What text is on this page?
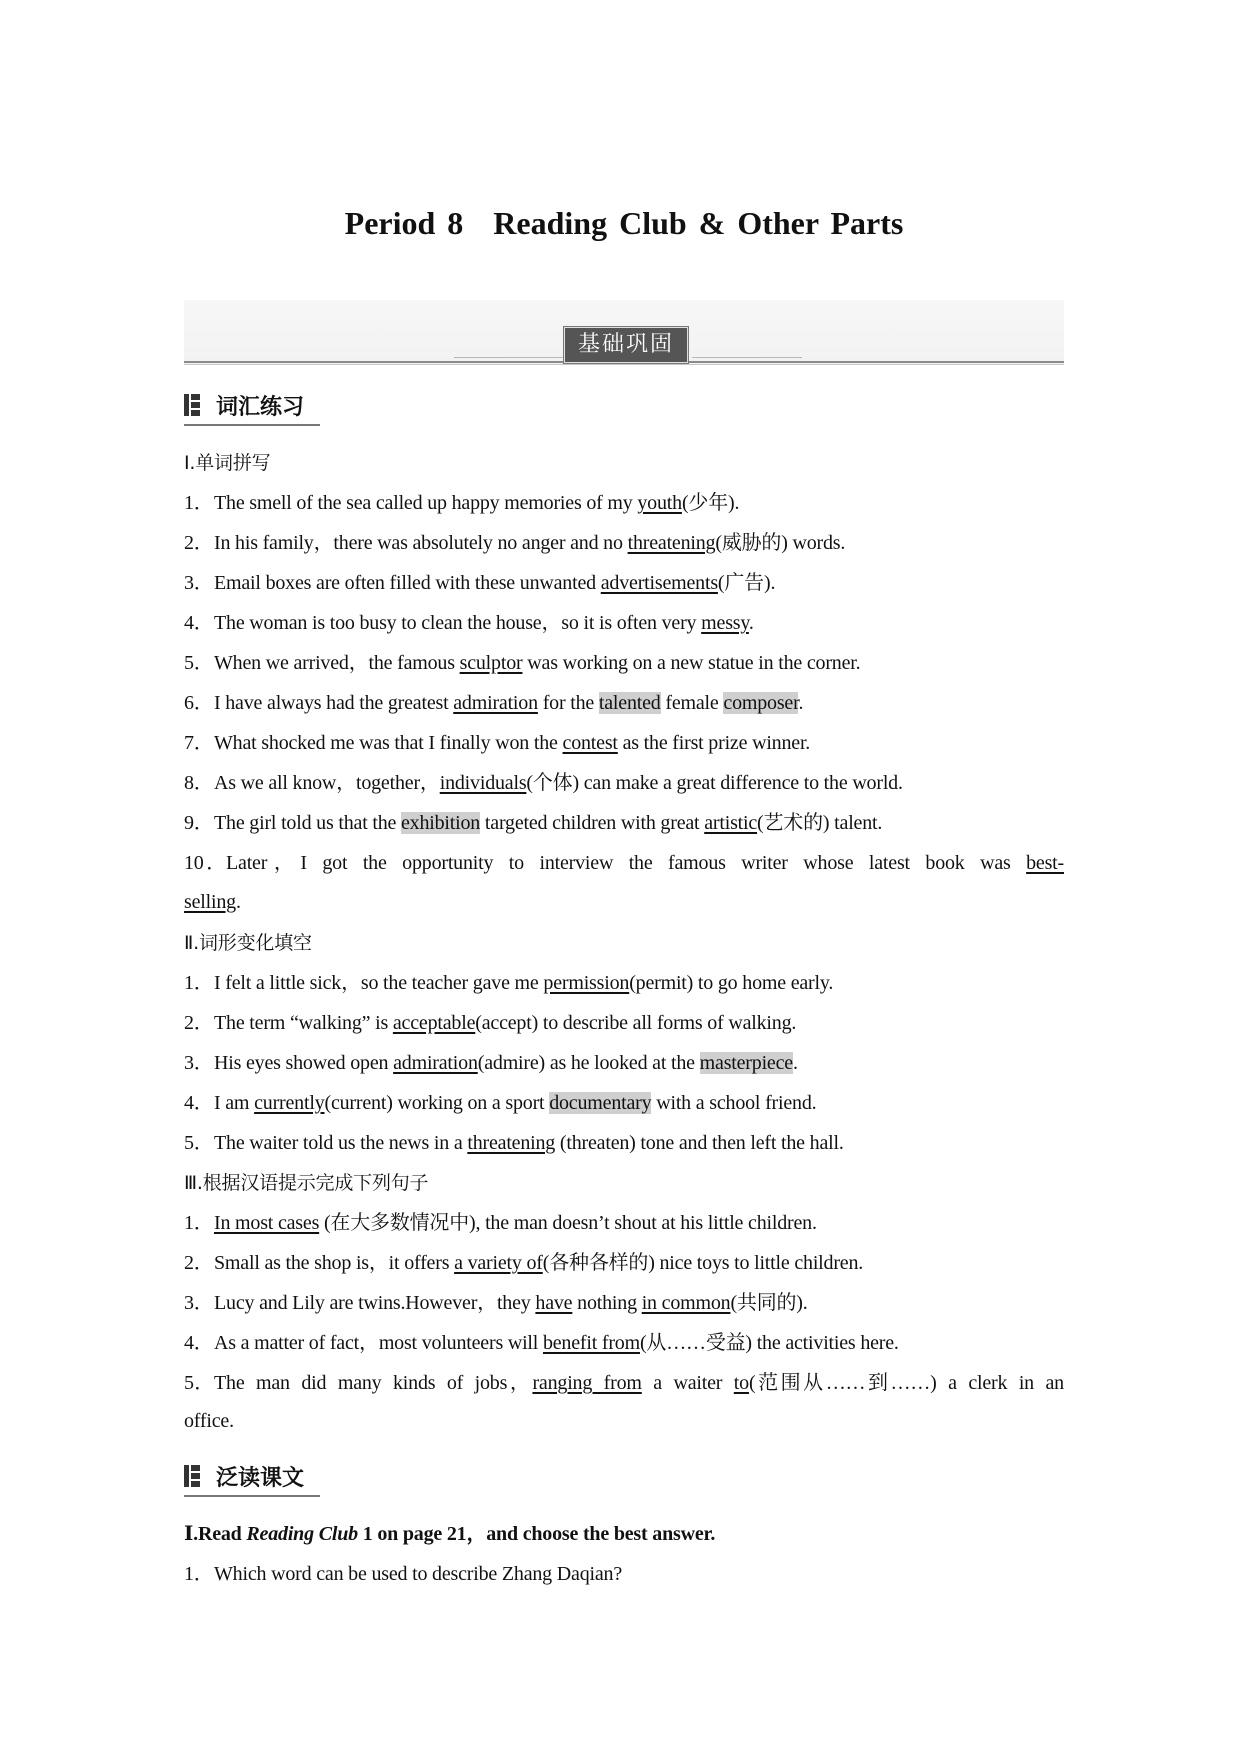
Period 8 Reading Club & Other Parts
基础巩固
词汇练习
Ⅰ.单词拼写
1．The smell of the sea called up happy memories of my youth(少年).
2．In his family，there was absolutely no anger and no threatening(威胁的) words.
3．Email boxes are often filled with these unwanted advertisements(广告).
4．The woman is too busy to clean the house，so it is often very messy.
5．When we arrived，the famous sculptor was working on a new statue in the corner.
6．I have always had the greatest admiration for the talented female composer.
7．What shocked me was that I finally won the contest as the first prize winner.
8．As we all know，together，individuals(个体) can make a great difference to the world.
9．The girl told us that the exhibition targeted children with great artistic(艺术的) talent.
10．Later，I got the opportunity to interview the famous writer whose latest book was best-
selling.
Ⅱ.词形变化填空
1．I felt a little sick，so the teacher gave me permission(permit) to go home early.
2．The term “walking” is acceptable(accept) to describe all forms of walking.
3．His eyes showed open admiration(admire) as he looked at the masterpiece.
4．I am currently(current) working on a sport documentary with a school friend.
5．The waiter told us the news in a threatening (threaten) tone and then left the hall.
Ⅲ.根据汉语提示完成下列句子
1．In most cases (在大多数情况中), the man doesn’t shout at his little children.
2．Small as the shop is，it offers a variety of(各种各样的) nice toys to little children.
3．Lucy and Lily are twins.However，they have nothing in common(共同的).
4．As a matter of fact，most volunteers will benefit from(从……受益) the activities here.
5．The man did many kinds of jobs，ranging from a waiter to(范围从……到……) a clerk in an
office.
泛读课文
Ⅰ.Read Reading Club 1 on page 21，and choose the best answer.
1．Which word can be used to describe Zhang Daqian?
